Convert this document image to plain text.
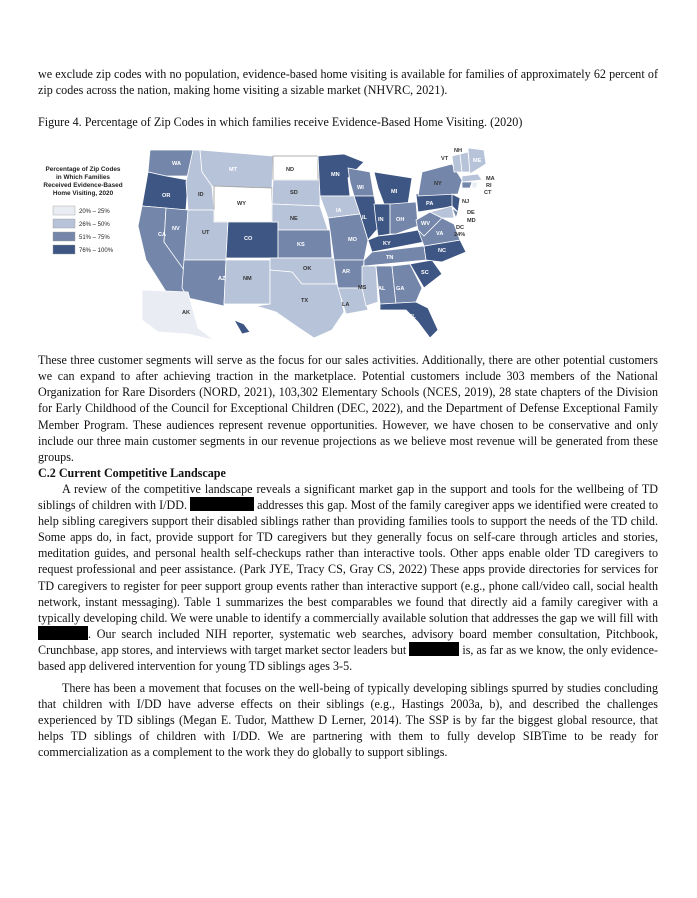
we exclude zip codes with no population, evidence-based home visiting is available for families of approximately 62 percent of zip codes across the nation, making home visiting a sizable market (NHVRC, 2021).

Figure 4. Percentage of Zip Codes in which families receive Evidence-Based Home Visiting. (2020)

Percentage of Zip Codes
in Which Families
Received Evidence-Based
Home Visiting, 2020
20% – 25%
26% – 50%
51% – 75%
76% – 100%
WA
MT	ND
MN
OR	ID
WY
SD
WI
MI
NY
VT
NH
ME
MA
RI
CT
NJ
DE
MD
DC
24%
CA
NV
UT
CO
NE
KS
IA
MO
IL IN OH
PA
KY
WV
VA
AZ	NM
OK	AR
TN
NC
SC
MS AL GA
TX
LA
FL
AK
HI

These three customer segments will serve as the focus for our sales activities. Additionally, there are other potential customers we can expand to after achieving traction in the marketplace. Potential customers include 303 members of the National Organization for Rare Disorders (NORD, 2021), 103,302 Elementary Schools (NCES, 2019), 28 state chapters of the Division for Early Childhood of the Council for Exceptional Children (DEC, 2022), and the Department of Defense Exceptional Family Member Program. These audiences represent revenue opportunities. However, we have chosen to be conservative and only include our three main customer segments in our revenue projections as we believe most revenue will be generated from these groups.

C.2 Current Competitive Landscape

A review of the competitive landscape reveals a significant market gap in the support and tools for the wellbeing of TD siblings of children with I/DD.	addresses this gap. Most of the family caregiver apps we identified were created to help sibling caregivers support their disabled siblings rather than providing families tools to support the needs of the TD child. Some apps do, in fact, provide support for TD caregivers but they generally focus on self-care through articles and stories, meditation guides, and personal health self-checkups rather than interactive tools. Other apps enable older TD caregivers to request professional and peer assistance. (Park JYE, Tracy CS, Gray CS, 2022) These apps provide directories for services for TD caregivers to register for peer support group events rather than interactive support (e.g., phone call/video call, social health network, instant messaging). Table 1 summarizes the best comparables we found that directly aid a family caregiver with a typically developing child. We were unable to identify a commercially available solution that addresses the gap we will fill with . Our search included NIH reporter, systematic web searches, advisory board member consultation, Pitchbook, Crunchbase, app stores, and interviews with target market sector leaders but	is, as far as we know, the only evidence-based app delivered intervention for young TD siblings ages 3-5.

There has been a movement that focuses on the well-being of typically developing siblings spurred by studies concluding that children with I/DD have adverse effects on their siblings (e.g., Hastings 2003a, b), and described the challenges experienced by TD siblings (Megan E. Tudor, Matthew D Lerner, 2014). The SSP is by far the biggest global resource, that helps TD siblings of children with I/DD. We are partnering with them to fully develop SIBTime to be ready for commercialization as a complement to the work they do globally to support siblings.
